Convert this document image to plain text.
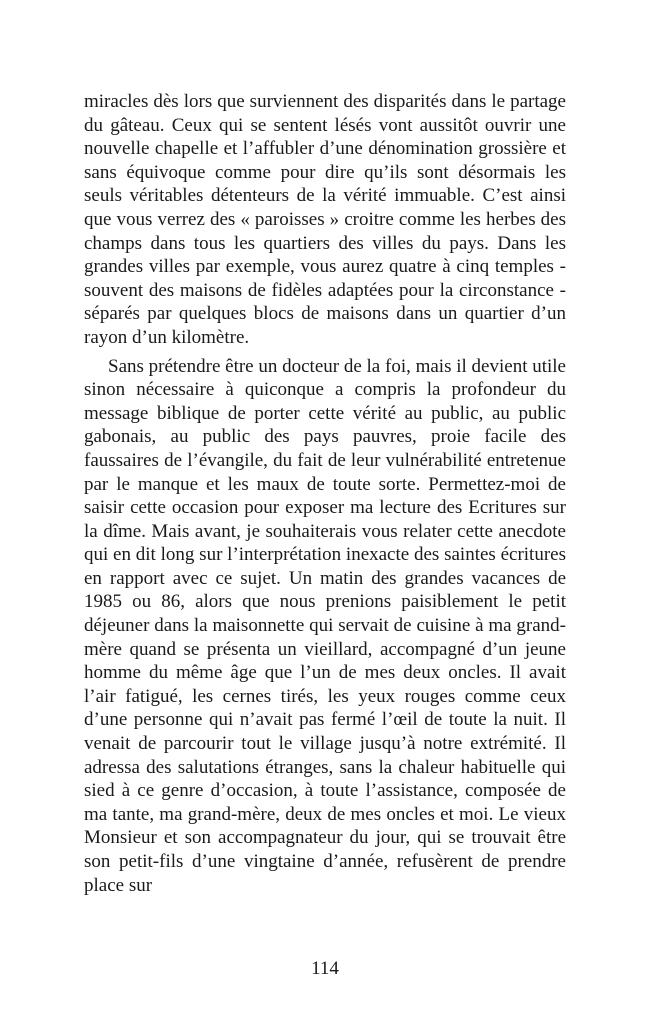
miracles dès lors que surviennent des disparités dans le partage du gâteau. Ceux qui se sentent lésés vont aussitôt ouvrir une nouvelle chapelle et l’affubler d’une dénomination grossière et sans équivoque comme pour dire qu’ils sont désormais les seuls véritables détenteurs de la vérité immuable. C’est ainsi que vous verrez des « paroisses » croitre comme les herbes des champs dans tous les quartiers des villes du pays. Dans les grandes villes par exemple, vous aurez quatre à cinq temples - souvent des maisons de fidèles adaptées pour la circonstance - séparés par quelques blocs de maisons dans un quartier d’un rayon d’un kilomètre.

Sans prétendre être un docteur de la foi, mais il devient utile sinon nécessaire à quiconque a compris la profondeur du message biblique de porter cette vérité au public, au public gabonais, au public des pays pauvres, proie facile des faussaires de l’évangile, du fait de leur vulnérabilité entretenue par le manque et les maux de toute sorte. Permettez-moi de saisir cette occasion pour exposer ma lecture des Ecritures sur la dîme. Mais avant, je souhaiterais vous relater cette anecdote qui en dit long sur l’interprétation inexacte des saintes écritures en rapport avec ce sujet. Un matin des grandes vacances de 1985 ou 86, alors que nous prenions paisiblement le petit déjeuner dans la maisonnette qui servait de cuisine à ma grand-mère quand se présenta un vieillard, accompagné d’un jeune homme du même âge que l’un de mes deux oncles. Il avait l’air fatigué, les cernes tirés, les yeux rouges comme ceux d’une personne qui n’avait pas fermé l’œil de toute la nuit. Il venait de parcourir tout le village jusqu’à notre extrémité. Il adressa des salutations étranges, sans la chaleur habituelle qui sied à ce genre d’occasion, à toute l’assistance, composée de ma tante, ma grand-mère, deux de mes oncles et moi. Le vieux Monsieur et son accompagnateur du jour, qui se trouvait être son petit-fils d’une vingtaine d’année, refusèrent de prendre place sur

114
